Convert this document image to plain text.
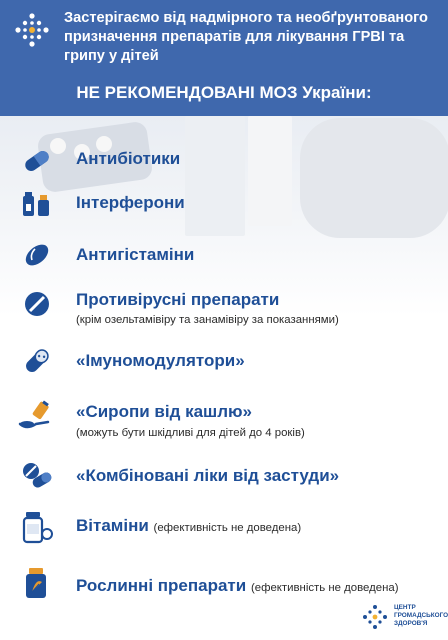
Застерігаємо від надмірного та необґрунтованого призначення препаратів для лікування ГРВІ та грипу у дітей
НЕ РЕКОМЕНДОВАНІ МОЗ України:
Антибіотики
Інтерферони
Антигістаміни
Противірусні препарати
(крім озельтамівіру та занамівіру за показаннями)
«Імуномодулятори»
«Сиропи від кашлю»
(можуть бути шкідливі для дітей до 4 років)
«Комбіновані ліки від застуди»
Вітаміни (ефективність не доведена)
Рослинні препарати (ефективність не доведена)
ЦЕНТР
ГРОМАДСЬКОГО
ЗДОРОВ'Я
